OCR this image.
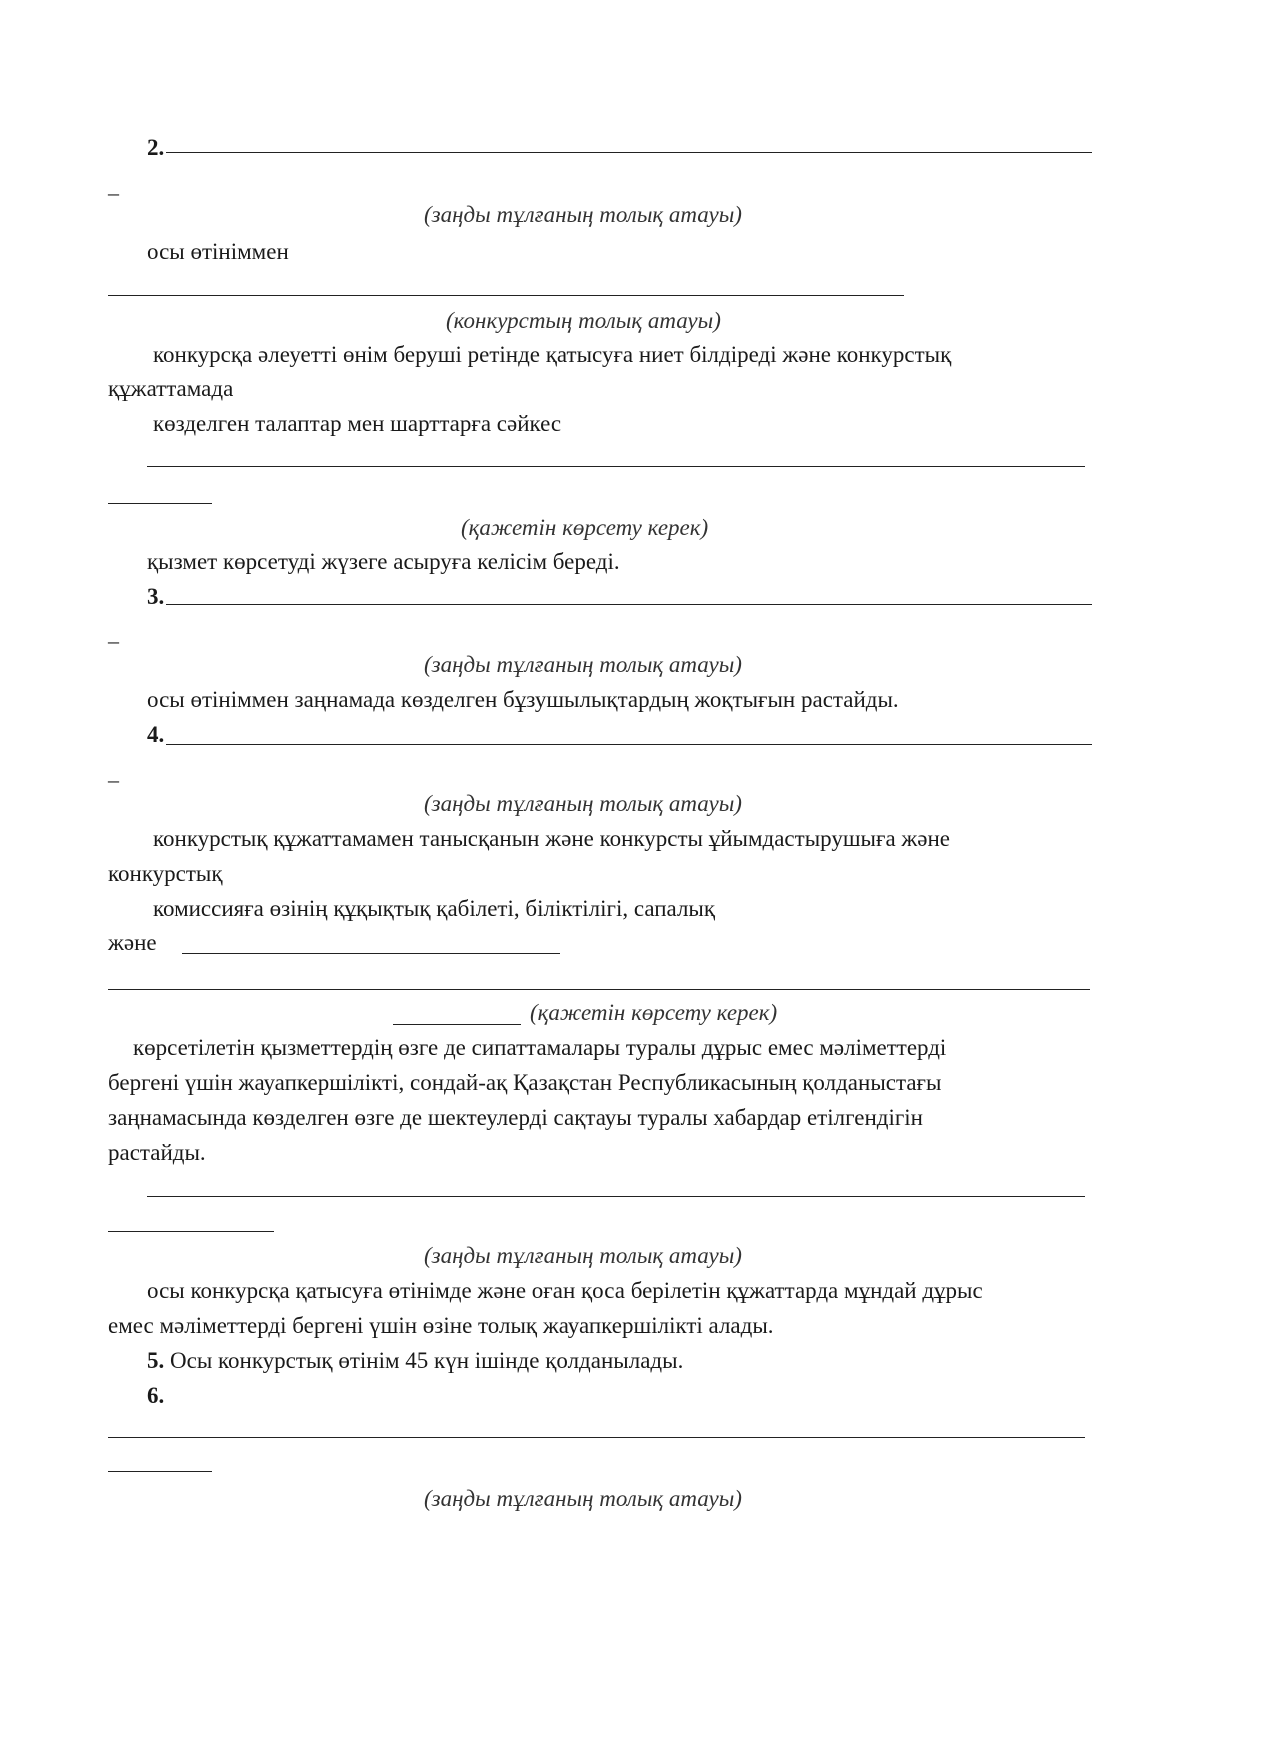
2.
–
(заңды тұлғаның толық атауы)
осы өтініммен
(конкурстың толық атауы)
конкурсқа әлеуетті өнім беруші ретінде қатысуға ниет білдіреді және конкурстық
құжаттамада
көзделген талаптар мен шарттарға сәйкес
(қажетін көрсету керек)
қызмет көрсетуді жүзеге асыруға келісім береді.
3.
–
(заңды тұлғаның толық атауы)
осы өтініммен заңнамада көзделген бұзушылықтардың жоқтығын растайды.
4.
–
(заңды тұлғаның толық атауы)
конкурстық құжаттамамен танысқанын және конкурсты ұйымдастырушыға және
конкурстық
комиссияға өзінің құқықтық қабілеті, біліктілігі, сапалық
және
(қажетін көрсету керек)
көрсетілетін қызметтердің өзге де сипаттамалары туралы дұрыс емес мәліметтерді
бергені үшін жауапкершілікті, сондай-ақ Қазақстан Республикасының қолданыстағы
заңнамасында көзделген өзге де шектеулерді сақтауы туралы хабардар етілгендігін
растайды.
(заңды тұлғаның толық атауы)
осы конкурсқа қатысуға өтінімде және оған қоса берілетін құжаттарда мұндай дұрыс
емес мәліметтерді бергені үшін өзіне толық жауапкершілікті алады.
5. Осы конкурстық өтінім 45 күн ішінде қолданылады.
6.
(заңды тұлғаның толық атауы)
